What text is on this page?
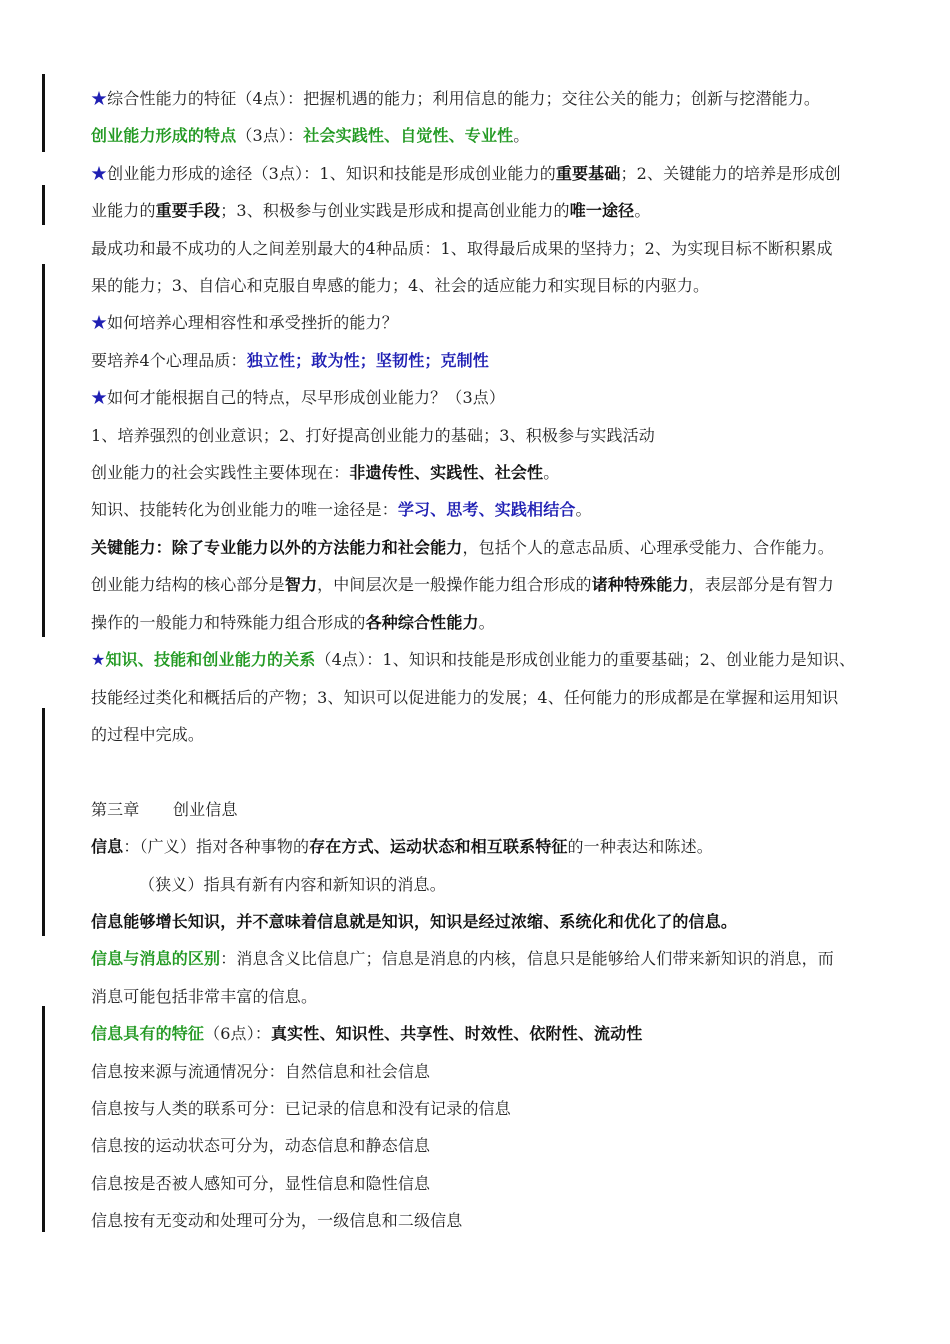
★综合性能力的特征（4点）：把握机遇的能力；利用信息的能力；交往公关的能力；创新与挖潜能力。
创业能力形成的特点（3点）：社会实践性、自觉性、专业性。
★创业能力形成的途径（3点）：1、知识和技能是形成创业能力的重要基础；2、关键能力的培养是形成创
业能力的重要手段；3、积极参与创业实践是形成和提高创业能力的唯一途径。
最成功和最不成功的人之间差别最大的4种品质：1、取得最后成果的坚持力；2、为实现目标不断积累成
果的能力；3、自信心和克服自卑感的能力；4、社会的适应能力和实现目标的内驱力。
★如何培养心理相容性和承受挫折的能力？
要培养4个心理品质：独立性；敢为性；坚韧性；克制性
★如何才能根据自己的特点，尽早形成创业能力？（3点）
1、培养强烈的创业意识；2、打好提高创业能力的基础；3、积极参与实践活动
创业能力的社会实践性主要体现在：非遗传性、实践性、社会性。
知识、技能转化为创业能力的唯一途径是：学习、思考、实践相结合。
关键能力：除了专业能力以外的方法能力和社会能力，包括个人的意志品质、心理承受能力、合作能力。
创业能力结构的核心部分是智力，中间层次是一般操作能力组合形成的诸种特殊能力，表层部分是有智力
操作的一般能力和特殊能力组合形成的各种综合性能力。
★知识、技能和创业能力的关系（4点）：1、知识和技能是形成创业能力的重要基础；2、创业能力是知识、
技能经过类化和概括后的产物；3、知识可以促进能力的发展；4、任何能力的形成都是在掌握和运用知识
的过程中完成。
第三章 创业信息
信息：（广义）指对各种事物的存在方式、运动状态和相互联系特征的一种表达和陈述。
（狭义）指具有新有内容和新知识的消息。
信息能够增长知识，并不意味着信息就是知识，知识是经过浓缩、系统化和优化了的信息。
信息与消息的区别：消息含义比信息广；信息是消息的内核，信息只是能够给人们带来新知识的消息，而
消息可能包括非常丰富的信息。
信息具有的特征（6点）：真实性、知识性、共享性、时效性、依附性、流动性
信息按来源与流通情况分：自然信息和社会信息
信息按与人类的联系可分：已记录的信息和没有记录的信息
信息按的运动状态可分为，动态信息和静态信息
信息按是否被人感知可分，显性信息和隐性信息
信息按有无变动和处理可分为，一级信息和二级信息
